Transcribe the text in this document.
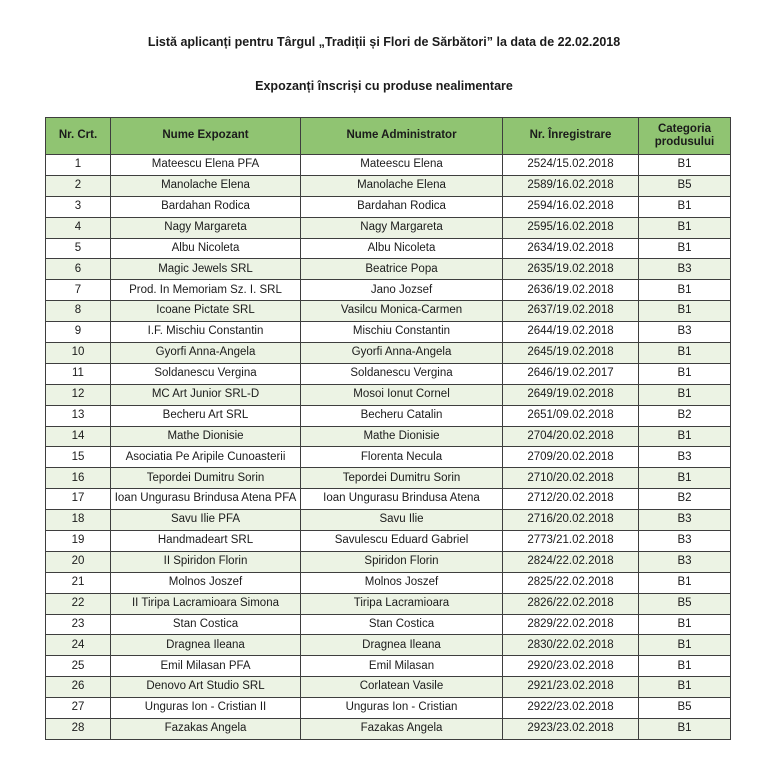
Listă aplicanți pentru Târgul „Tradiții și Flori de Sărbători” la data de 22.02.2018
Expozanți înscriși cu produse nealimentare
Nr. Crt.	Nume Expozant	Nume Administrator	Nr. Înregistrare	Categoria produsului
1	Mateescu Elena PFA	Mateescu Elena	2524/15.02.2018	B1
2	Manolache Elena	Manolache Elena	2589/16.02.2018	B5
3	Bardahan Rodica	Bardahan Rodica	2594/16.02.2018	B1
4	Nagy Margareta	Nagy Margareta	2595/16.02.2018	B1
5	Albu Nicoleta	Albu Nicoleta	2634/19.02.2018	B1
6	Magic Jewels SRL	Beatrice Popa	2635/19.02.2018	B3
7	Prod. In Memoriam Sz. I. SRL	Jano Jozsef	2636/19.02.2018	B1
8	Icoane Pictate SRL	Vasilcu Monica-Carmen	2637/19.02.2018	B1
9	I.F. Mischiu Constantin	Mischiu Constantin	2644/19.02.2018	B3
10	Gyorfi Anna-Angela	Gyorfi Anna-Angela	2645/19.02.2018	B1
11	Soldanescu Vergina	Soldanescu Vergina	2646/19.02.2017	B1
12	MC Art Junior SRL-D	Mosoi Ionut Cornel	2649/19.02.2018	B1
13	Becheru Art SRL	Becheru Catalin	2651/09.02.2018	B2
14	Mathe Dionisie	Mathe Dionisie	2704/20.02.2018	B1
15	Asociatia Pe Aripile Cunoasterii	Florenta Necula	2709/20.02.2018	B3
16	Tepordei Dumitru Sorin	Tepordei Dumitru Sorin	2710/20.02.2018	B1
17	Ioan Ungurasu Brindusa Atena PFA	Ioan Ungurasu Brindusa Atena	2712/20.02.2018	B2
18	Savu Ilie PFA	Savu Ilie	2716/20.02.2018	B3
19	Handmadeart SRL	Savulescu Eduard Gabriel	2773/21.02.2018	B3
20	II Spiridon Florin	Spiridon Florin	2824/22.02.2018	B3
21	Molnos Joszef	Molnos Joszef	2825/22.02.2018	B1
22	II Tiripa Lacramioara Simona	Tiripa Lacramioara	2826/22.02.2018	B5
23	Stan Costica	Stan Costica	2829/22.02.2018	B1
24	Dragnea Ileana	Dragnea Ileana	2830/22.02.2018	B1
25	Emil Milasan PFA	Emil Milasan	2920/23.02.2018	B1
26	Denovo Art Studio SRL	Corlatean Vasile	2921/23.02.2018	B1
27	Unguras Ion - Cristian II	Unguras Ion - Cristian	2922/23.02.2018	B5
28	Fazakas Angela	Fazakas Angela	2923/23.02.2018	B1
